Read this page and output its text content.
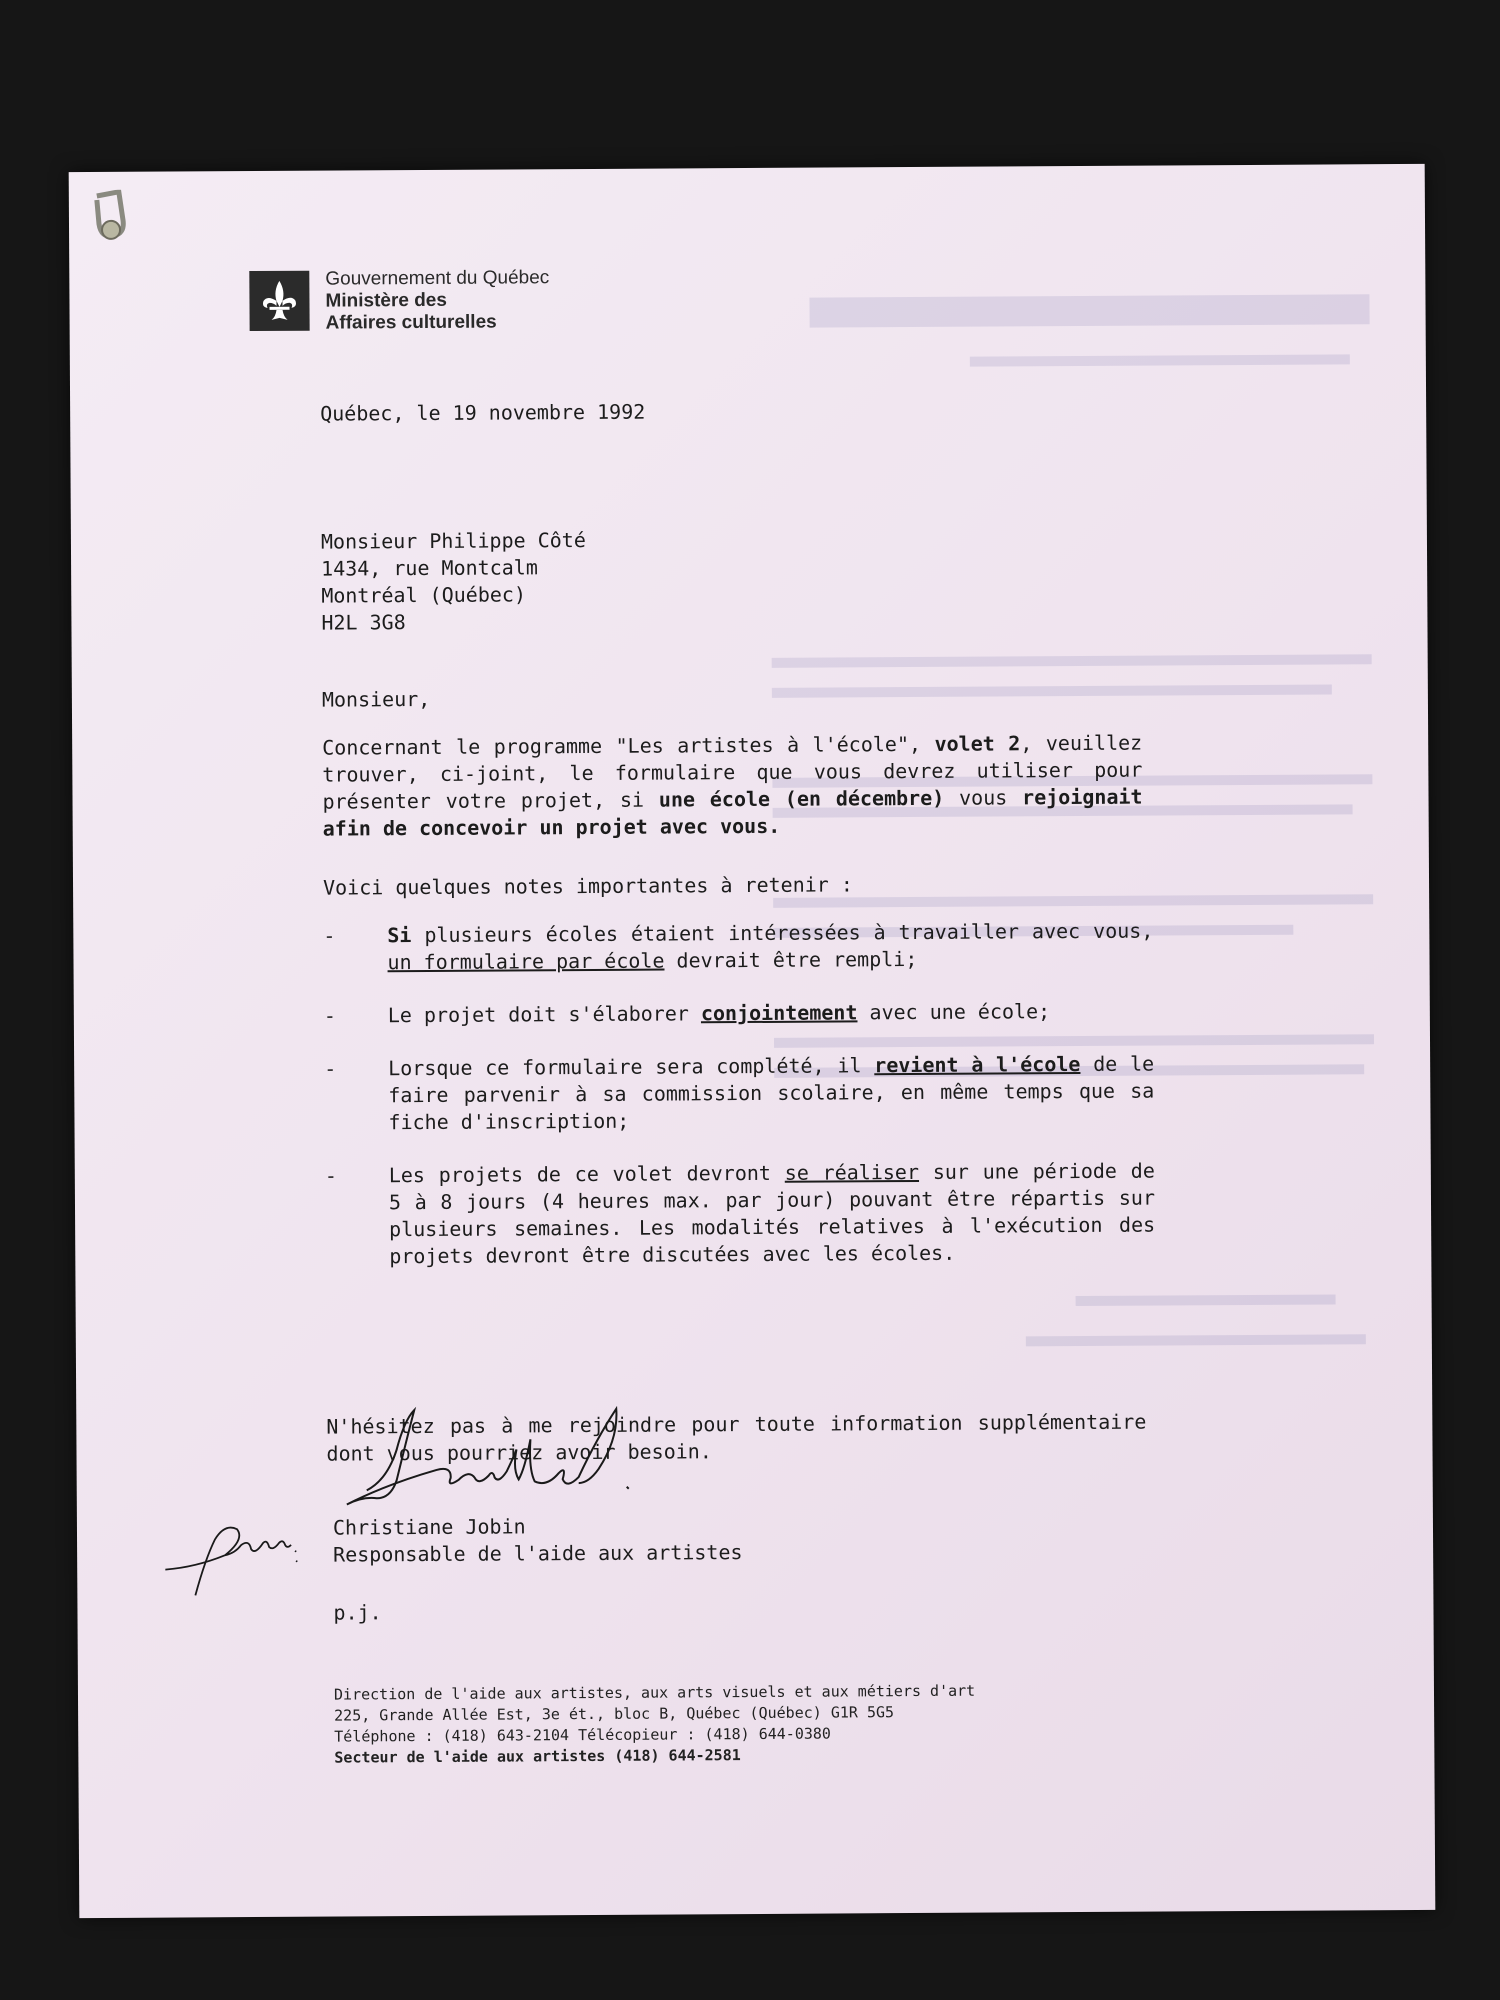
Gouvernement du Québec
Ministère des
Affaires culturelles
Québec, le 19 novembre 1992
Monsieur Philippe Côté
1434, rue Montcalm
Montréal (Québec)
H2L 3G8
Monsieur,
Concernant le programme "Les artistes à l'école", volet 2, veuillez trouver, ci-joint, le formulaire que vous devrez utiliser pour présenter votre projet, si une école (en décembre) vous rejoignait afin de concevoir un projet avec vous.
Voici quelques notes importantes à retenir :
-	Si plusieurs écoles étaient intéressées à travailler avec vous, un formulaire par école devrait être rempli;
-	Le projet doit s'élaborer conjointement avec une école;
-	Lorsque ce formulaire sera complété, il revient à l'école de le faire parvenir à sa commission scolaire, en même temps que sa fiche d'inscription;
-	Les projets de ce volet devront se réaliser sur une période de 5 à 8 jours (4 heures max. par jour) pouvant être répartis sur plusieurs semaines. Les modalités relatives à l'exécution des projets devront être discutées avec les écoles.
N'hésitez pas à me rejoindre pour toute information supplémentaire dont vous pourriez avoir besoin.
Christiane Jobin
Responsable de l'aide aux artistes
p.j.
Direction de l'aide aux artistes, aux arts visuels et aux métiers d'art
225, Grande Allée Est, 3e ét., bloc B, Québec (Québec) G1R 5G5
Téléphone : (418) 643-2104 Télécopieur : (418) 644-0380
Secteur de l'aide aux artistes (418) 644-2581
